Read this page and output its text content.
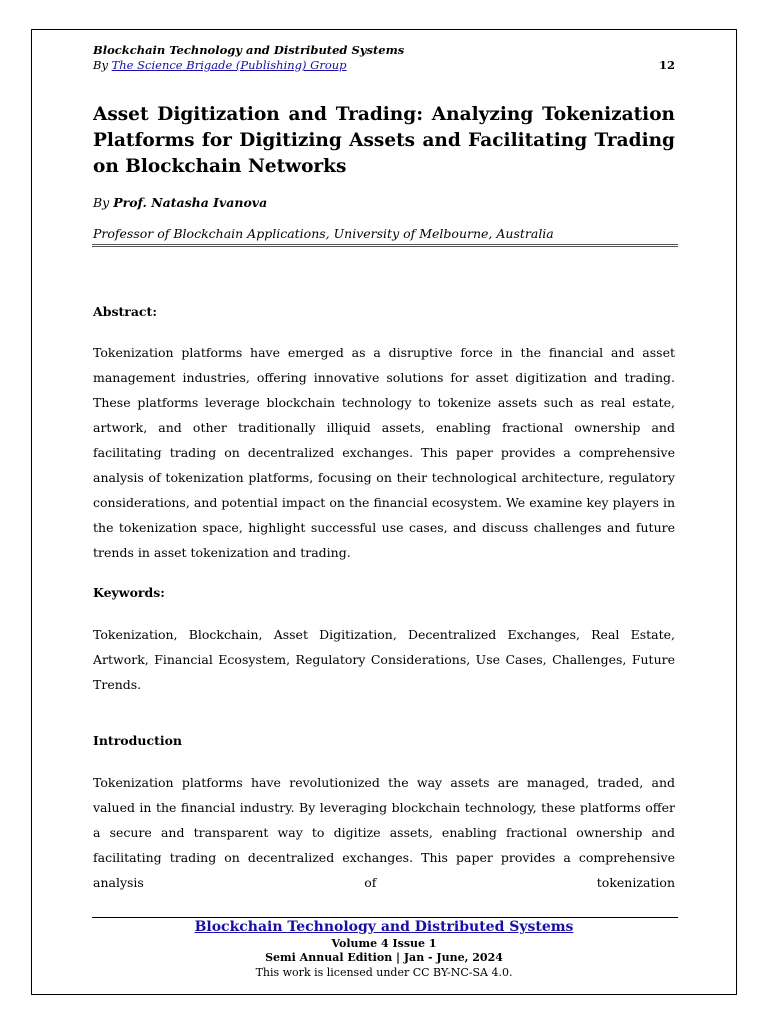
Blockchain Technology and Distributed Systems
By The Science Brigade (Publishing) Group	12
Asset Digitization and Trading: Analyzing Tokenization Platforms for Digitizing Assets and Facilitating Trading on Blockchain Networks
By Prof. Natasha Ivanova
Professor of Blockchain Applications, University of Melbourne, Australia
Abstract:
Tokenization platforms have emerged as a disruptive force in the financial and asset management industries, offering innovative solutions for asset digitization and trading. These platforms leverage blockchain technology to tokenize assets such as real estate, artwork, and other traditionally illiquid assets, enabling fractional ownership and facilitating trading on decentralized exchanges. This paper provides a comprehensive analysis of tokenization platforms, focusing on their technological architecture, regulatory considerations, and potential impact on the financial ecosystem. We examine key players in the tokenization space, highlight successful use cases, and discuss challenges and future trends in asset tokenization and trading.
Keywords:
Tokenization, Blockchain, Asset Digitization, Decentralized Exchanges, Real Estate, Artwork, Financial Ecosystem, Regulatory Considerations, Use Cases, Challenges, Future Trends.
Introduction
Tokenization platforms have revolutionized the way assets are managed, traded, and valued in the financial industry. By leveraging blockchain technology, these platforms offer a secure and transparent way to digitize assets, enabling fractional ownership and facilitating trading on decentralized exchanges. This paper provides a comprehensive analysis of tokenization
Blockchain Technology and Distributed Systems
Volume 4 Issue 1
Semi Annual Edition | Jan - June, 2024
This work is licensed under CC BY-NC-SA 4.0.
